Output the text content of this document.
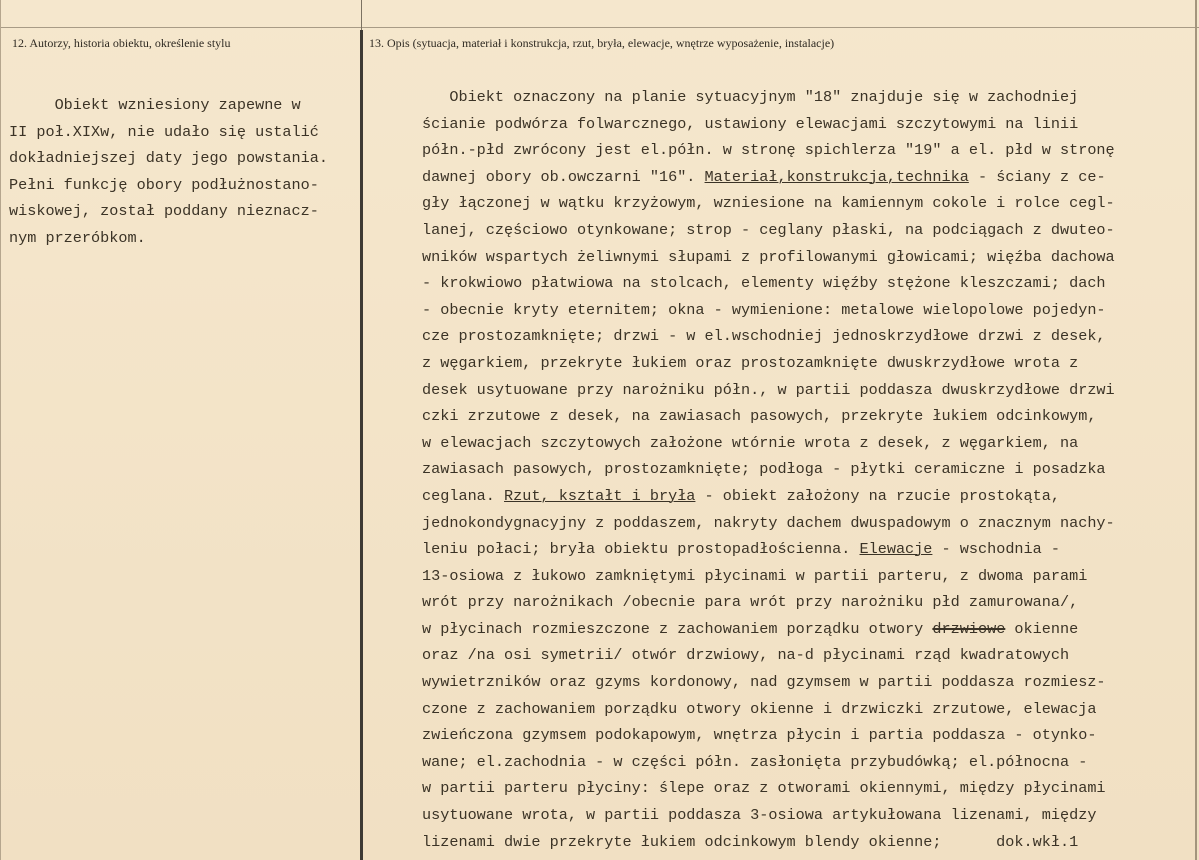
12. Autorzy, historia obiektu, określenie stylu	13. Opis (sytuacja, materiał i konstrukcja, rzut, bryła, elewacje, wnętrze wyposażenie, instalacje)
Obiekt wzniesiony zapewne w
II poł.XIXw, nie udało się ustalić
dokładniejszej daty jego powstania.
Pełni funkcję obory podłużnostano-
wiskowej, został poddany nieznacz-
nym przeróbkom.
Obiekt oznaczony na planie sytuacyjnym "18" znajduje się w zachodniej
ścianie podwórza folwarcznego, ustawiony elewacjami szczytowymi na linii
półn.-płd zwrócony jest el.półn. w stronę spichlerza "19" a el. płd w stronę
dawnej obory ob.owczarni "16". Materiał,konstrukcja,technika - ściany z ce-
gły łączonej w wątku krzyżowym, wzniesione na kamiennym cokole i rolce cegl-
lanej, częściowo otynkowane; strop - ceglany płaski, na podciągach z dwuteo-
wników wspartych żeliwnymi słupami z profilowanymi głowicami; więźba dachowa
- krokwiowo płatwiowa na stolcach, elementy więźby stężone kleszczami; dach
- obecnie kryty eternitem; okna - wymienione: metalowe wielopolowe pojedyn-
cze prostozamknięte; drzwi - w el.wschodniej jednoskrzydłowe drzwi z desek,
z węgarkiem, przekryte łukiem oraz prostozamknięte dwuskrzydłowe wrota z
desek usytuowane przy narożniku półn., w partii poddasza dwuskrzydłowe drzwi
czki zrzutowe z desek, na zawiasach pasowych, przekryte łukiem odcinkowym,
w elewacjach szczytowych założone wtórnie wrota z desek, z węgarkiem, na
zawiasach pasowych, prostozamknięte; podłoga - płytki ceramiczne i posadzka
ceglana. Rzut, kształt i bryła - obiekt założony na rzucie prostokąta,
jednokondygnacyjny z poddaszem, nakryty dachem dwuspadowym o znacznym nachy-
leniu połaci; bryła obiektu prostopadłościenna. Elewacje - wschodnia -
13-osiowa z łukowo zamkniętymi płycinami w partii parteru, z dwoma parami
wrót przy narożnikach /obecnie para wrót przy narożniku płd zamurowana/,
w płycinach rozmieszczone z zachowaniem porządku otwory drzwiowe okienne
oraz /na osi symetrii/ otwór drzwiowy, na-d płycinami rząd kwadratowych
wywietrzników oraz gzyms kordonowy, nad gzymsem w partii poddasza rozmiesz-
czone z zachowaniem porządku otwory okienne i drzwiczki zrzutowe, elewacja
zwieńczona gzymsem podokapowym, wnętrza płycin i partia poddasza - otynko-
wane; el.zachodnia - w części półn. zasłonięta przybudówką; el.północna -
w partii parteru płyciny: ślepe oraz z otworami okiennymi, między płycinami
usytuowane wrota, w partii poddasza 3-osiowa artykułowana lizenami, między
lizenami dwie przekryte łukiem odcinkowym blendy okienne;      dok.wkł.1
